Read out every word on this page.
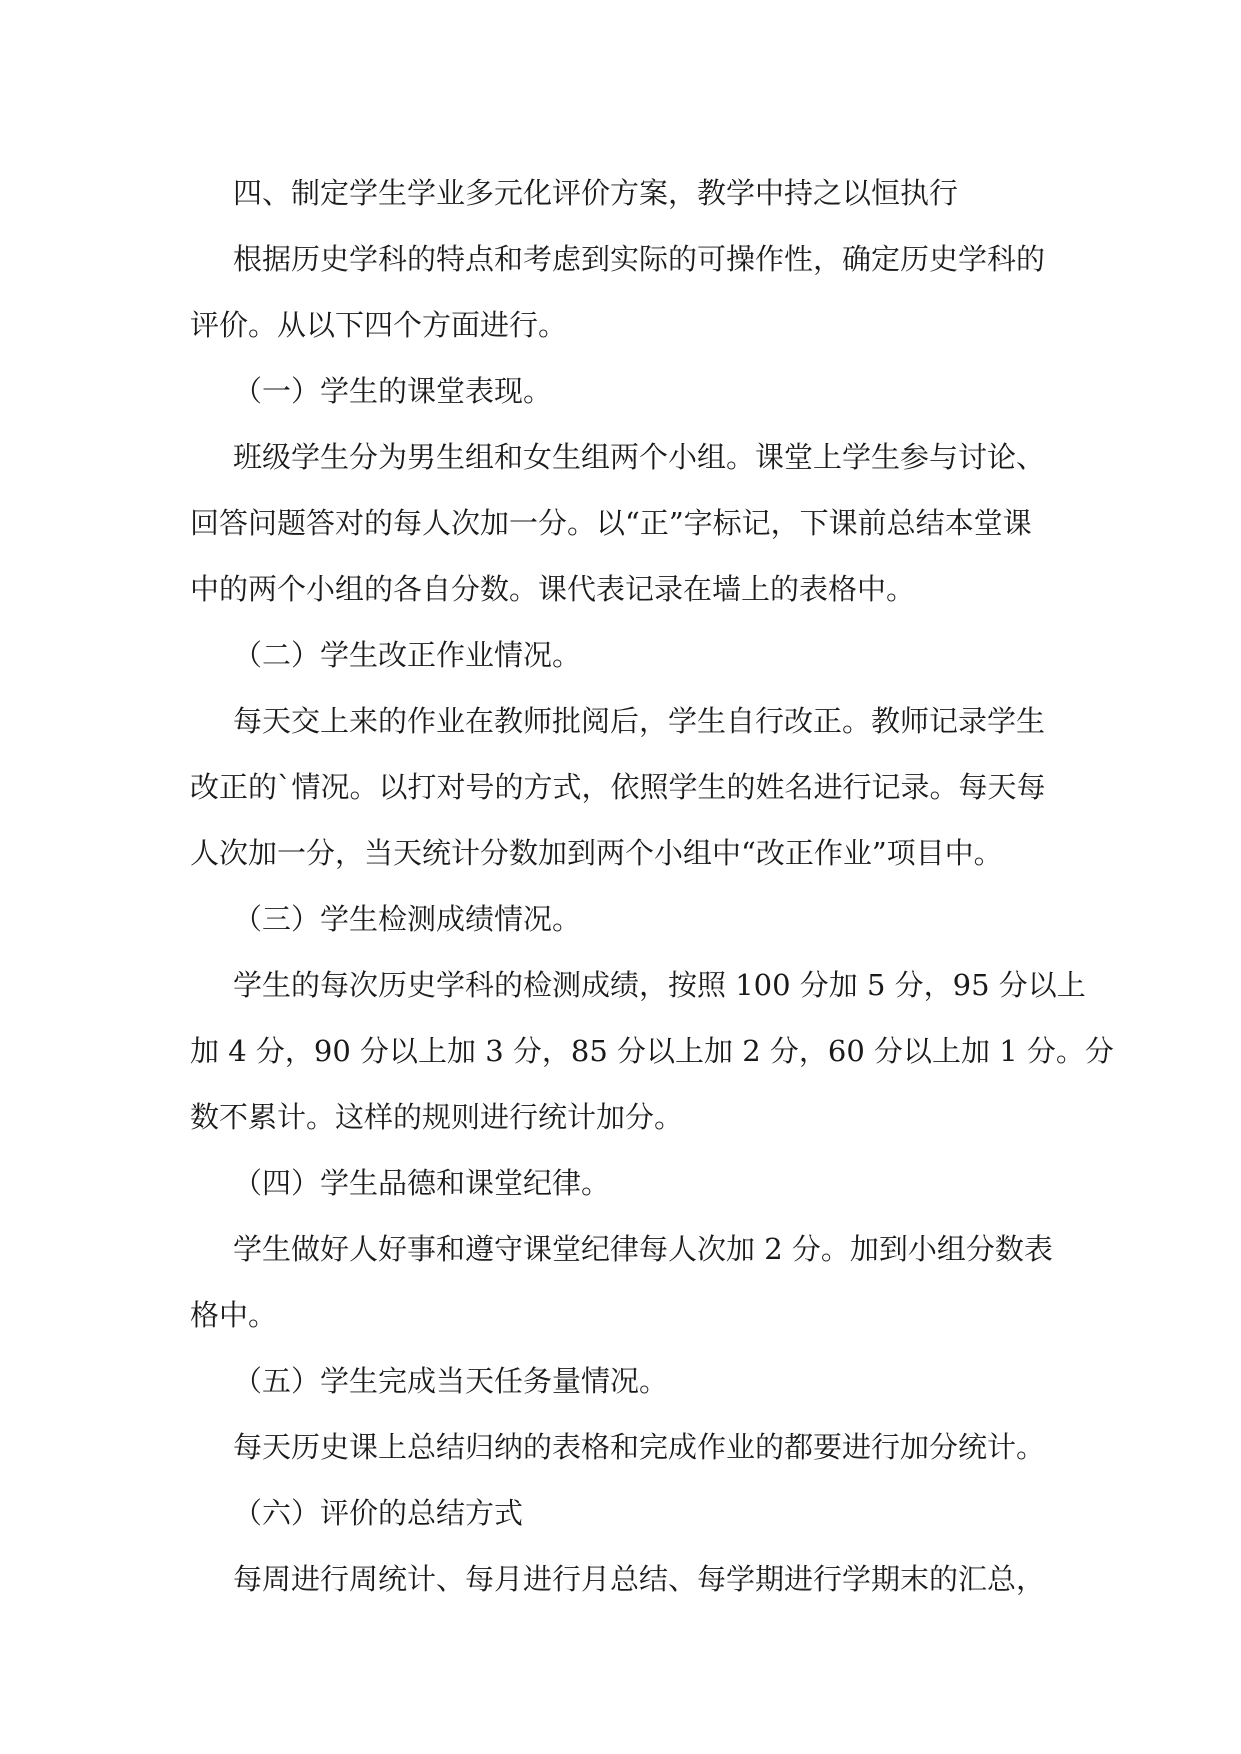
四、制定学生学业多元化评价方案，教学中持之以恒执行
根据历史学科的特点和考虑到实际的可操作性，确定历史学科的
评价。从以下四个方面进行。
（一）学生的课堂表现。
班级学生分为男生组和女生组两个小组。课堂上学生参与讨论、
回答问题答对的每人次加一分。以“正”字标记，下课前总结本堂课
中的两个小组的各自分数。课代表记录在墙上的表格中。
（二）学生改正作业情况。
每天交上来的作业在教师批阅后，学生自行改正。教师记录学生
改正的`情况。以打对号的方式，依照学生的姓名进行记录。每天每
人次加一分，当天统计分数加到两个小组中“改正作业”项目中。
（三）学生检测成绩情况。
学生的每次历史学科的检测成绩，按照 100 分加 5 分，95 分以上
加 4 分，90 分以上加 3 分，85 分以上加 2 分，60 分以上加 1 分。分
数不累计。这样的规则进行统计加分。
（四）学生品德和课堂纪律。
学生做好人好事和遵守课堂纪律每人次加 2 分。加到小组分数表
格中。
（五）学生完成当天任务量情况。
每天历史课上总结归纳的表格和完成作业的都要进行加分统计。
（六）评价的总结方式
每周进行周统计、每月进行月总结、每学期进行学期末的汇总，
